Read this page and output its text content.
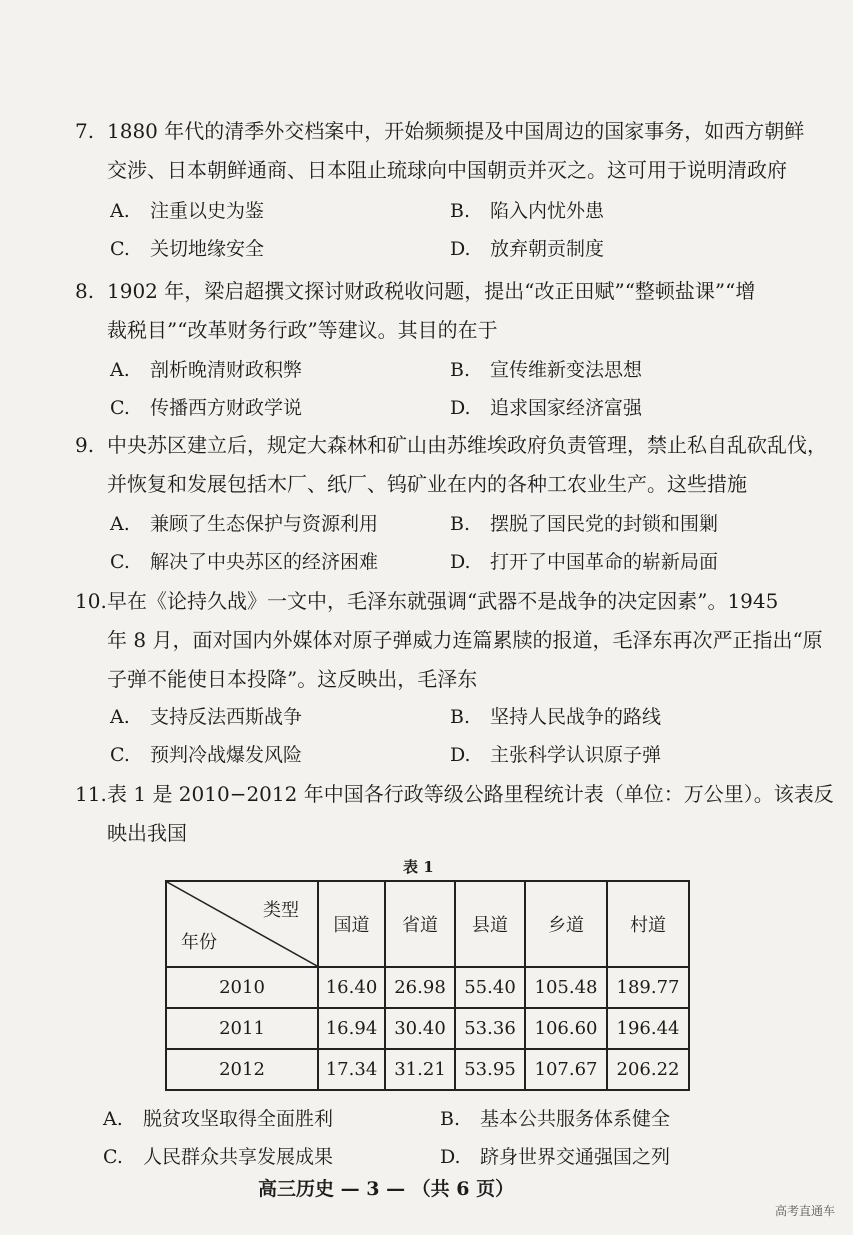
7. 1880 年代的清季外交档案中，开始频频提及中国周边的国家事务，如西方朝鲜
交涉、日本朝鲜通商、日本阻止琉球向中国朝贡并灭之。这可用于说明清政府
A. 注重以史为鉴	B. 陷入内忧外患
C. 关切地缘安全	D. 放弃朝贡制度
8. 1902 年，梁启超撰文探讨财政税收问题，提出“改正田赋”“整顿盐课”“增
裁税目”“改革财务行政”等建议。其目的在于
A. 剖析晚清财政积弊	B. 宣传维新变法思想
C. 传播西方财政学说	D. 追求国家经济富强
9. 中央苏区建立后，规定大森林和矿山由苏维埃政府负责管理，禁止私自乱砍乱伐，
并恢复和发展包括木厂、纸厂、钨矿业在内的各种工农业生产。这些措施
A. 兼顾了生态保护与资源利用	B. 摆脱了国民党的封锁和围剿
C. 解决了中央苏区的经济困难	D. 打开了中国革命的崭新局面
10. 早在《论持久战》一文中，毛泽东就强调“武器不是战争的决定因素”。1945
年 8 月，面对国内外媒体对原子弹威力连篇累牍的报道，毛泽东再次严正指出“原
子弹不能使日本投降”。这反映出，毛泽东
A. 支持反法西斯战争	B. 坚持人民战争的路线
C. 预判冷战爆发风险	D. 主张科学认识原子弹
11. 表 1 是 2010−2012 年中国各行政等级公路里程统计表（单位：万公里）。该表反
映出我国
表 1
类型
年份	国道	省道	县道	乡道	村道
2010	16.40	26.98	55.40	105.48	189.77
2011	16.94	30.40	53.36	106.60	196.44
2012	17.34	31.21	53.95	107.67	206.22
A. 脱贫攻坚取得全面胜利	B. 基本公共服务体系健全
C. 人民群众共享发展成果	D. 跻身世界交通强国之列
高三历史 — 3 — （共 6 页）
高考直通车
